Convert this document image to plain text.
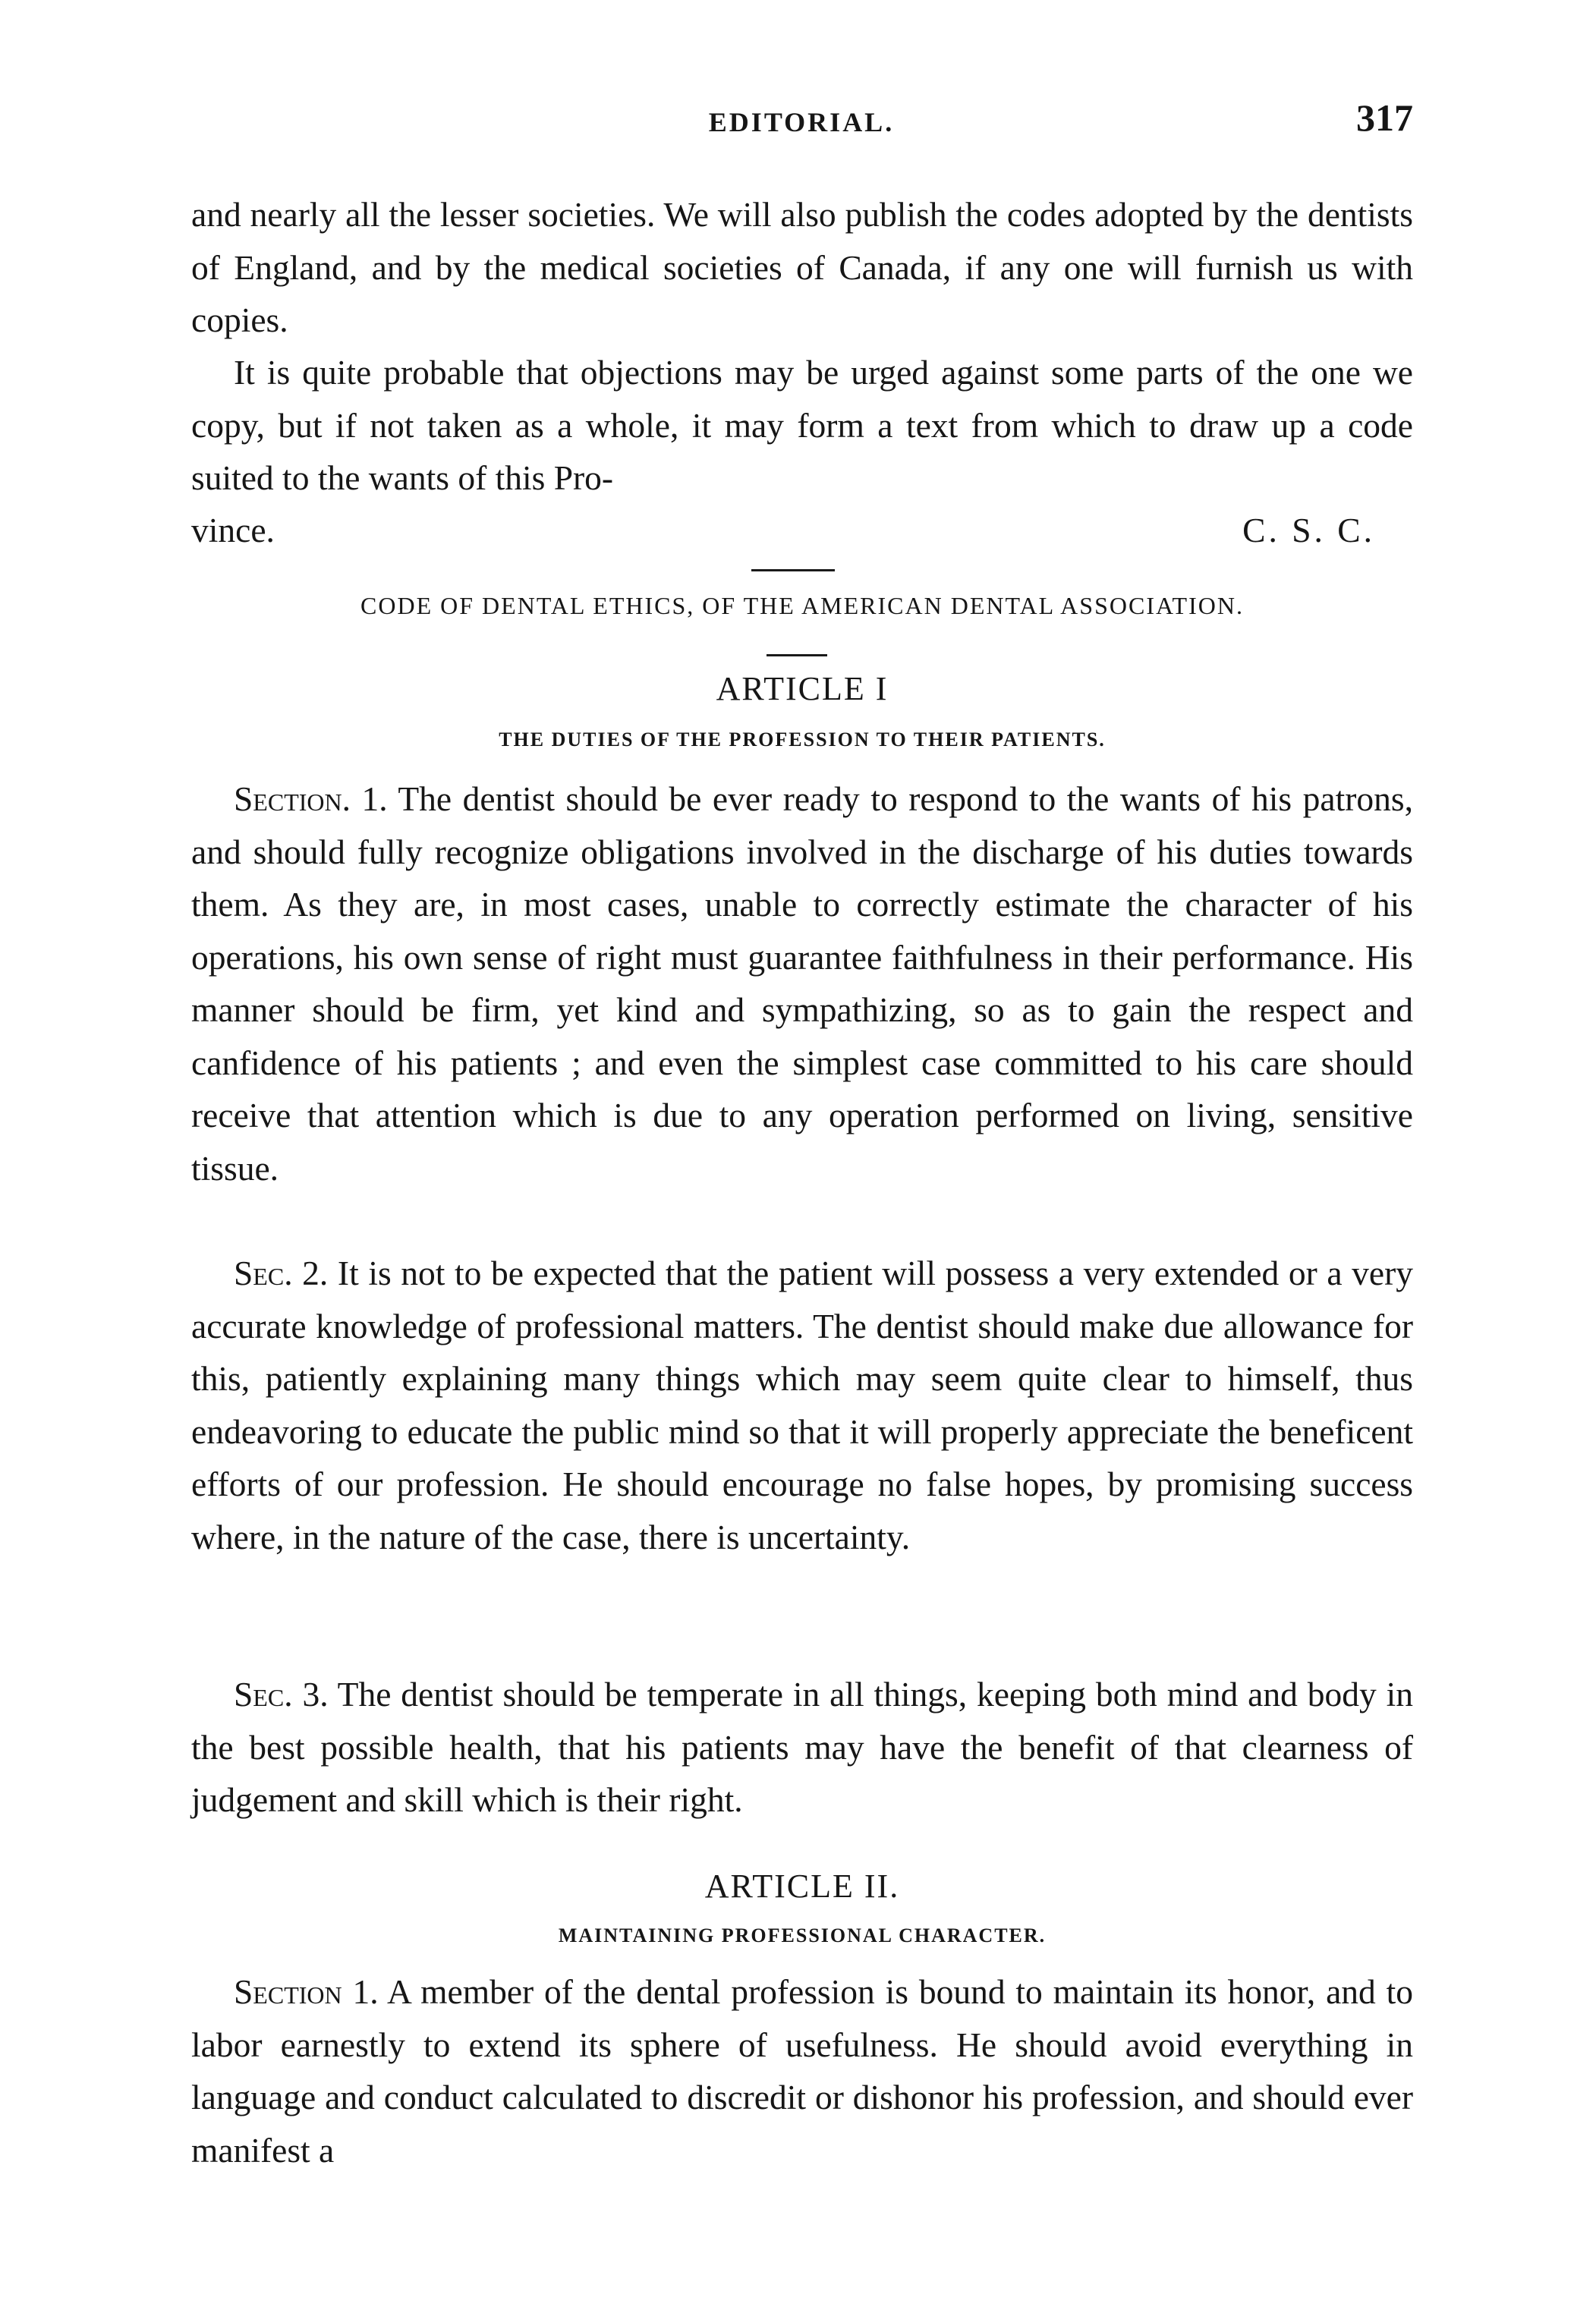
EDITORIAL.	317

and nearly all the lesser societies. We will also publish the codes adopted by the dentists of England, and by the medical societies of Canada, if any one will furnish us with copies.

It is quite probable that objections may be urged against some parts of the one we copy, but if not taken as a whole, it may form a text from which to draw up a code suited to the wants of this Pro-

vince.	C. S. C.
CODE OF DENTAL ETHICS, OF THE AMERICAN DENTAL ASSOCIATION.
ARTICLE I
THE DUTIES OF THE PROFESSION TO THEIR PATIENTS.

Section. 1. The dentist should be ever ready to respond to the wants of his patrons, and should fully recognize obligations involved in the discharge of his duties towards them. As they are, in most cases, unable to correctly estimate the character of his operations, his own sense of right must guarantee faithfulness in their performance. His manner should be firm, yet kind and sympathizing, so as to gain the respect and canfidence of his patients ; and even the simplest case committed to his care should receive that attention which is due to any operation performed on living, sensitive tissue.

Sec. 2. It is not to be expected that the patient will possess a very extended or a very accurate knowledge of professional matters. The dentist should make due allowance for this, patiently explaining many things which may seem quite clear to himself, thus endeavoring to educate the public mind so that it will properly appreciate the beneficent efforts of our profession. He should encourage no false hopes, by promising success where, in the nature of the case, there is uncertainty.

Sec. 3. The dentist should be temperate in all things, keeping both mind and body in the best possible health, that his patients may have the benefit of that clearness of judgement and skill which is their right.

ARTICLE II.
MAINTAINING PROFESSIONAL CHARACTER.

Section 1. A member of the dental profession is bound to maintain its honor, and to labor earnestly to extend its sphere of usefulness. He should avoid everything in language and conduct calculated to discredit or dishonor his profession, and should ever manifest a
